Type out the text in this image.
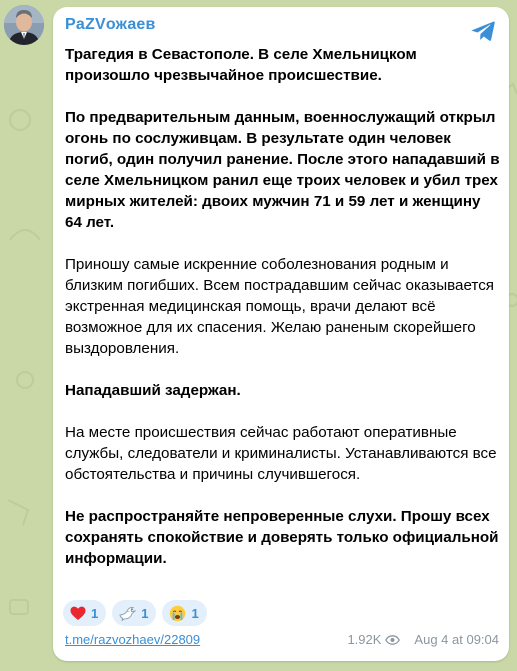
PaZVожаев

Трагедия в Севастополе. В селе Хмельницком произошло чрезвычайное происшествие.

По предварительным данным, военнослужащий открыл огонь по сослуживцам. В результате один человек погиб, один получил ранение. После этого нападавший в селе Хмельницком ранил еще троих человек и убил трех мирных жителей: двоих мужчин 71 и 59 лет и женщину 64 лет.

Приношу самые искренние соболезнования родным и близким погибших. Всем пострадавшим сейчас оказывается экстренная медицинская помощь, врачи делают всё возможное для их спасения. Желаю раненым скорейшего выздоровления.

Нападавший задержан.

На месте происшествия сейчас работают оперативные службы, следователи и криминалисты. Устанавливаются все обстоятельства и причины случившегося.

Не распространяйте непроверенные слухи. Прошу всех сохранять спокойствие и доверять только официальной информации.

1	1	1
t.me/razvozhaev/22809	1.92K	Aug 4 at 09:04
